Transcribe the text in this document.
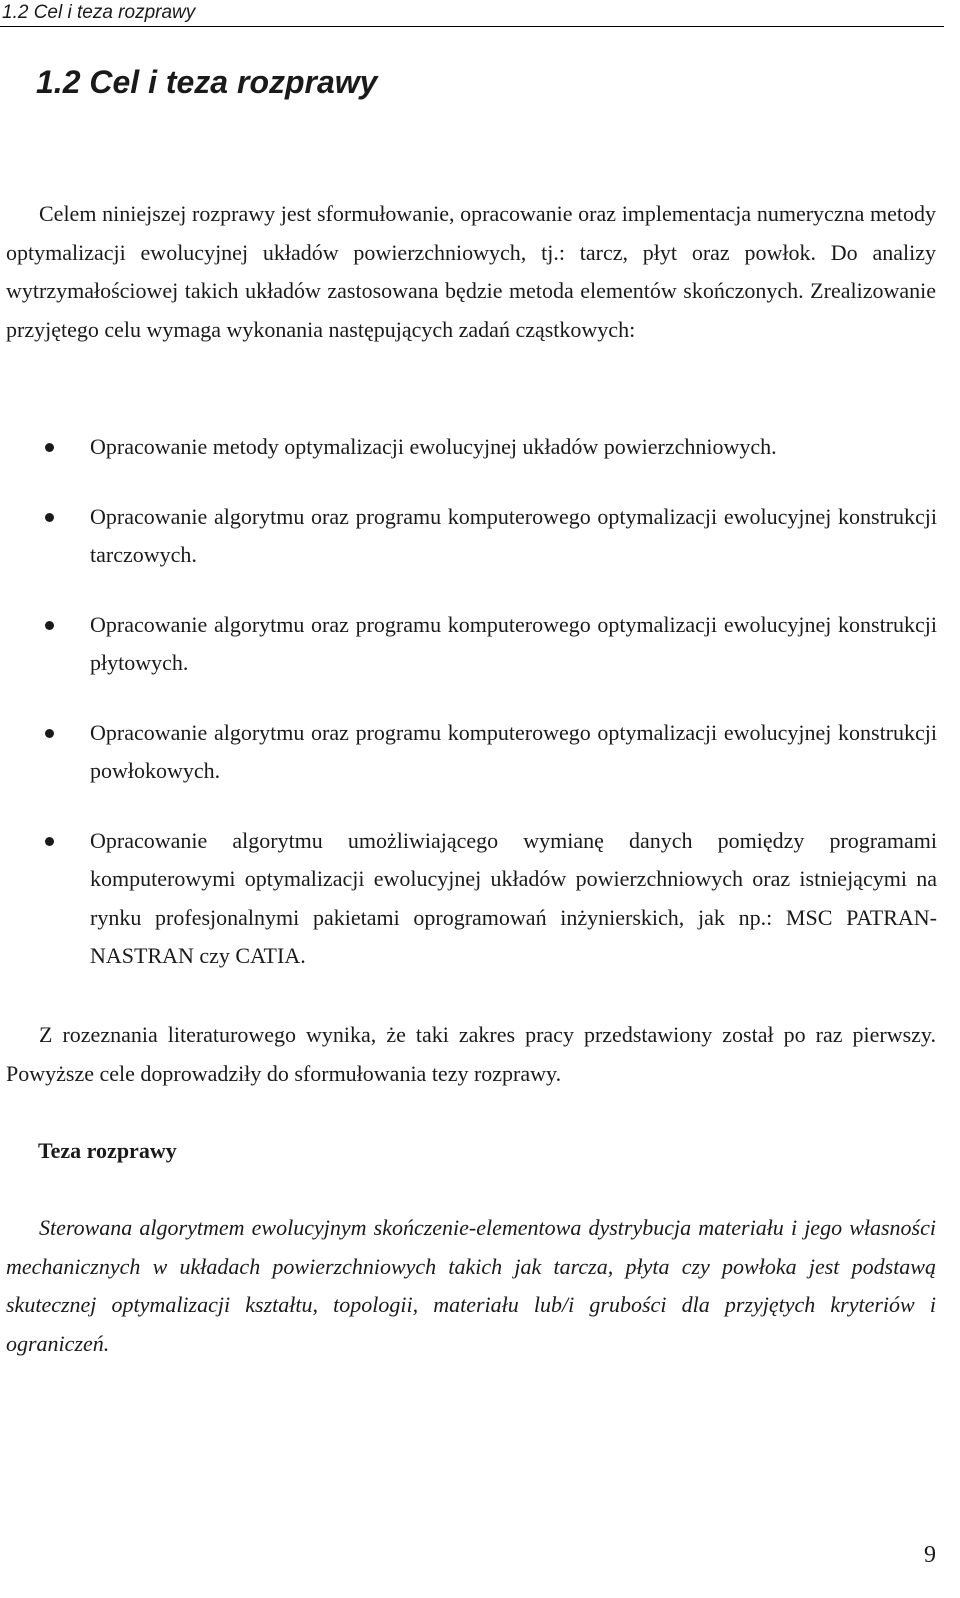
1.2 Cel i teza rozprawy
1.2 Cel i teza rozprawy

Celem niniejszej rozprawy jest sformułowanie, opracowanie oraz implementacja numeryczna metody optymalizacji ewolucyjnej układów powierzchniowych, tj.: tarcz, płyt oraz powłok. Do analizy wytrzymałościowej takich układów zastosowana będzie metoda elementów skończonych. Zrealizowanie przyjętego celu wymaga wykonania następujących zadań cząstkowych:

Opracowanie metody optymalizacji ewolucyjnej układów powierzchniowych.
Opracowanie algorytmu oraz programu komputerowego optymalizacji ewolucyjnej konstrukcji tarczowych.
Opracowanie algorytmu oraz programu komputerowego optymalizacji ewolucyjnej konstrukcji płytowych.
Opracowanie algorytmu oraz programu komputerowego optymalizacji ewolucyjnej konstrukcji powłokowych.
Opracowanie algorytmu umożliwiającego wymianę danych pomiędzy programami komputerowymi optymalizacji ewolucyjnej układów powierzchniowych oraz istniejącymi na rynku profesjonalnymi pakietami oprogramowań inżynierskich, jak np.: MSC PATRAN-NASTRAN czy CATIA.

Z rozeznania literaturowego wynika, że taki zakres pracy przedstawiony został po raz pierwszy. Powyższe cele doprowadziły do sformułowania tezy rozprawy.

Teza rozprawy

Sterowana algorytmem ewolucyjnym skończenie-elementowa dystrybucja materiału i jego własności mechanicznych w układach powierzchniowych takich jak tarcza, płyta czy powłoka jest podstawą skutecznej optymalizacji kształtu, topologii, materiału lub/i grubości dla przyjętych kryteriów i ograniczeń.

9
